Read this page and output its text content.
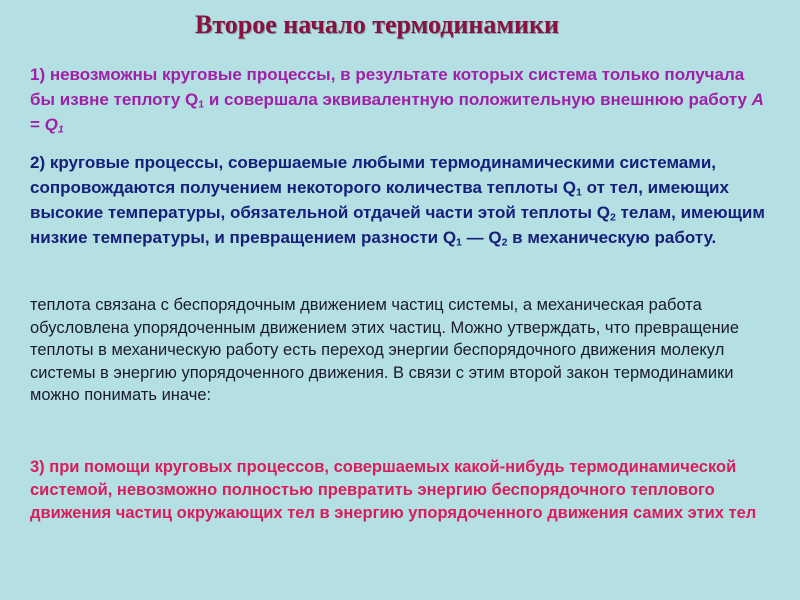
Второе начало термодинамики

1) невозможны круговые процессы, в результате которых система только получала бы извне теплоту $Q_1$ и совершала эквивалентную положительную внешнюю работу $А = Q_1$

2) круговые процессы, совершаемые любыми термодинамическими системами, сопровождаются получением некоторого количества теплоты $Q_1$ от тел, имеющих высокие температуры, обязательной отдачей части этой теплоты $Q_2$ телам, имеющим низкие температуры, и превращением разности $Q_1$ — $Q_2$ в механическую работу.

теплота связана с беспорядочным движением частиц системы, а механическая работа обусловлена упорядоченным движением этих частиц. Можно утверждать, что превращение теплоты в механическую работу есть переход энергии беспорядочного движения молекул системы в энергию упорядоченного движения. В связи с этим второй закон термодинамики можно понимать иначе:

3) при помощи круговых процессов, совершаемых какой-нибудь термодинамической системой, невозможно полностью превратить энергию беспорядочного теплового движения частиц окружающих тел в энергию упорядоченного движения самих этих тел
